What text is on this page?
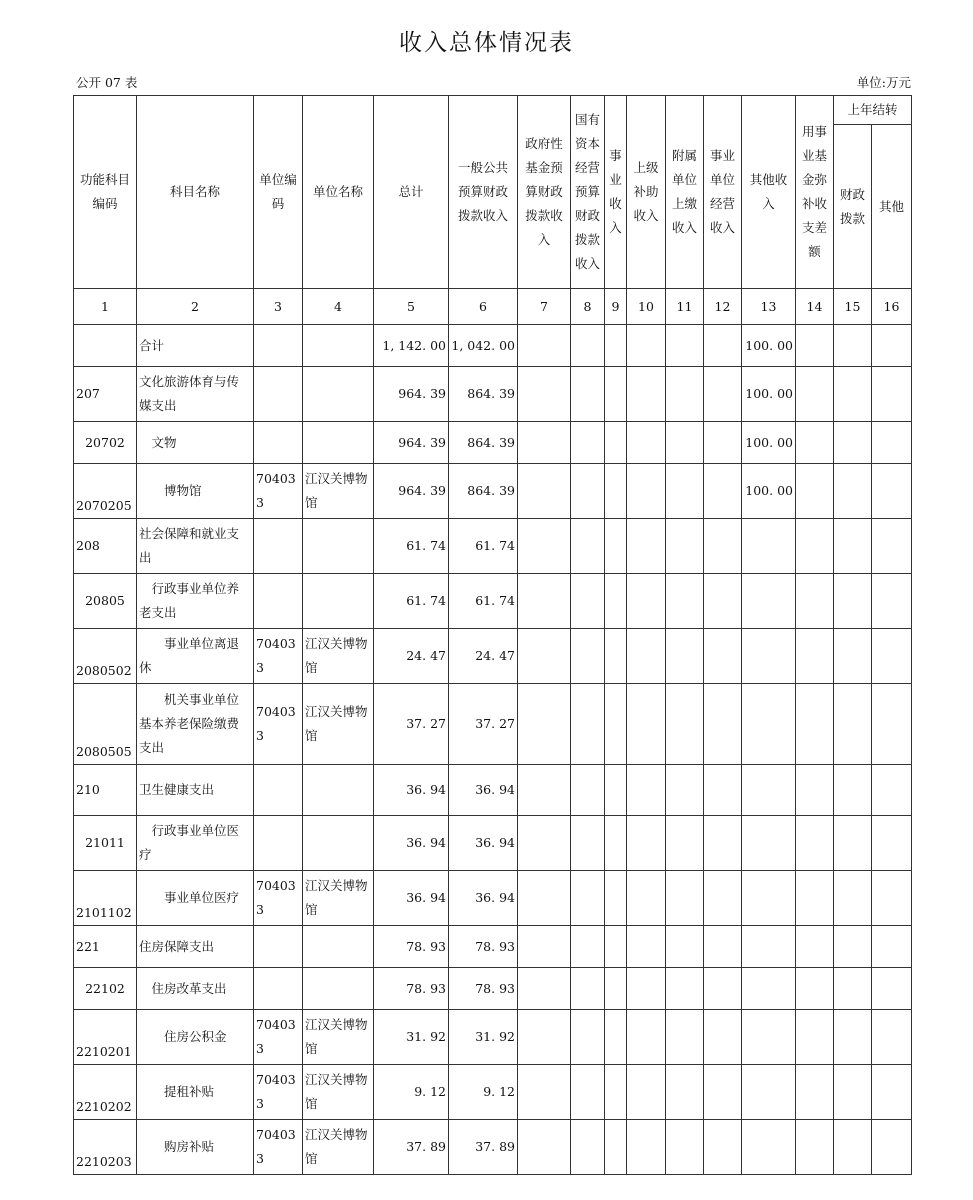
收入总体情况表
公开 07 表	单位:万元
功能科目编码	科目名称	单位编码	单位名称	总计	一般公共预算财政拨款收入	政府性基金预算财政拨款收入	国有资本经营预算财政拨款收入	事业收入	上级补助收入	附属单位上缴收入	事业单位经营收入	其他收入	用事业基金弥补收支差额	上年结转	
														财政拨款	其他
1	2	3	4	5	6	7	8	9	10	11	12	13	14	15	16
	合计			1, 142. 00	1, 042. 00							100. 00			
207	文化旅游体育与传媒支出			964. 39	864. 39							100. 00			
20702	文物			964. 39	864. 39							100. 00			
2070205	博物馆	704033	江汉关博物馆	964. 39	864. 39							100. 00			
208	社会保障和就业支出			61. 74	61. 74										
20805	行政事业单位养老支出			61. 74	61. 74										
2080502	事业单位离退休	704033	江汉关博物馆	24. 47	24. 47										
2080505	机关事业单位基本养老保险缴费支出	704033	江汉关博物馆	37. 27	37. 27										
210	卫生健康支出			36. 94	36. 94										
21011	行政事业单位医疗			36. 94	36. 94										
2101102	事业单位医疗	704033	江汉关博物馆	36. 94	36. 94										
221	住房保障支出			78. 93	78. 93										
22102	住房改革支出			78. 93	78. 93										
2210201	住房公积金	704033	江汉关博物馆	31. 92	31. 92										
2210202	提租补贴	704033	江汉关博物馆	9. 12	9. 12										
2210203	购房补贴	704033	江汉关博物馆	37. 89	37. 89										
